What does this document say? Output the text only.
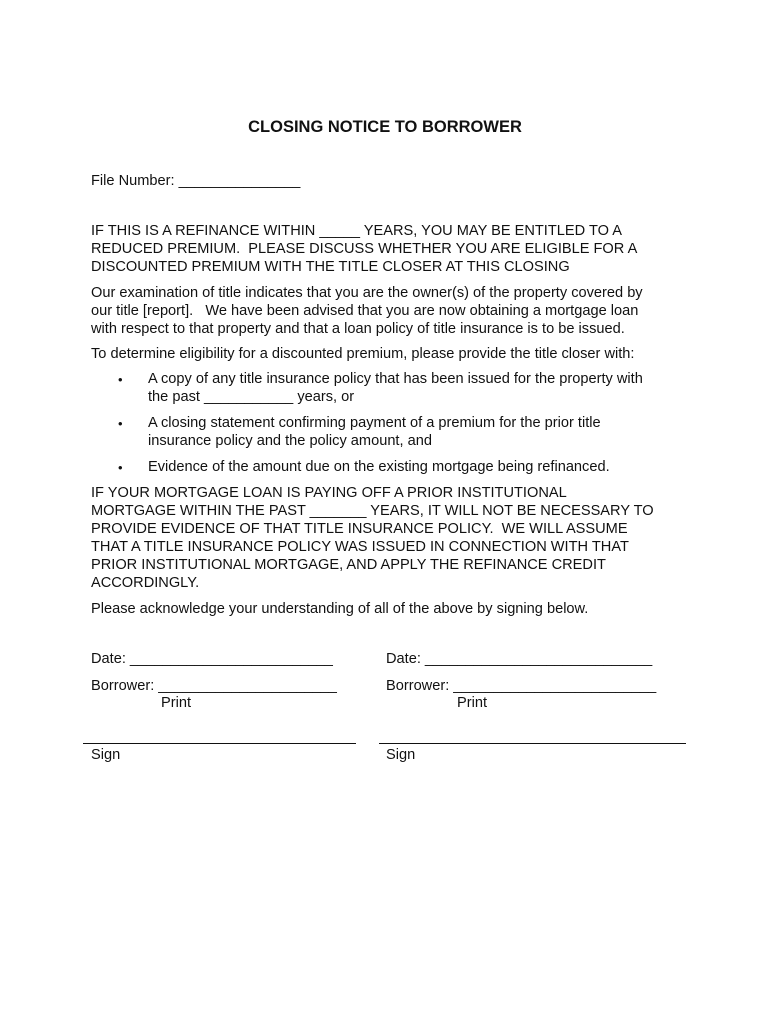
CLOSING NOTICE TO BORROWER
File Number: _______________
IF THIS IS A REFINANCE WITHIN _____ YEARS, YOU MAY BE ENTITLED TO A
REDUCED PREMIUM.  PLEASE DISCUSS WHETHER YOU ARE ELIGIBLE FOR A
DISCOUNTED PREMIUM WITH THE TITLE CLOSER AT THIS CLOSING
Our examination of title indicates that you are the owner(s) of the property covered by
our title [report].   We have been advised that you are now obtaining a mortgage loan
with respect to that property and that a loan policy of title insurance is to be issued.
To determine eligibility for a discounted premium, please provide the title closer with:
• A copy of any title insurance policy that has been issued for the property with
the past ___________ years, or
• A closing statement confirming payment of a premium for the prior title
insurance policy and the policy amount, and
• Evidence of the amount due on the existing mortgage being refinanced.
IF YOUR MORTGAGE LOAN IS PAYING OFF A PRIOR INSTITUTIONAL
MORTGAGE WITHIN THE PAST _______ YEARS, IT WILL NOT BE NECESSARY TO
PROVIDE EVIDENCE OF THAT TITLE INSURANCE POLICY.  WE WILL ASSUME
THAT A TITLE INSURANCE POLICY WAS ISSUED IN CONNECTION WITH THAT
PRIOR INSTITUTIONAL MORTGAGE, AND APPLY THE REFINANCE CREDIT
ACCORDINGLY.
Please acknowledge your understanding of all of the above by signing below.
Date: _________________________
Borrower: ______________________
Print
Sign
Date: ____________________________
Borrower: _________________________
Print
Sign
